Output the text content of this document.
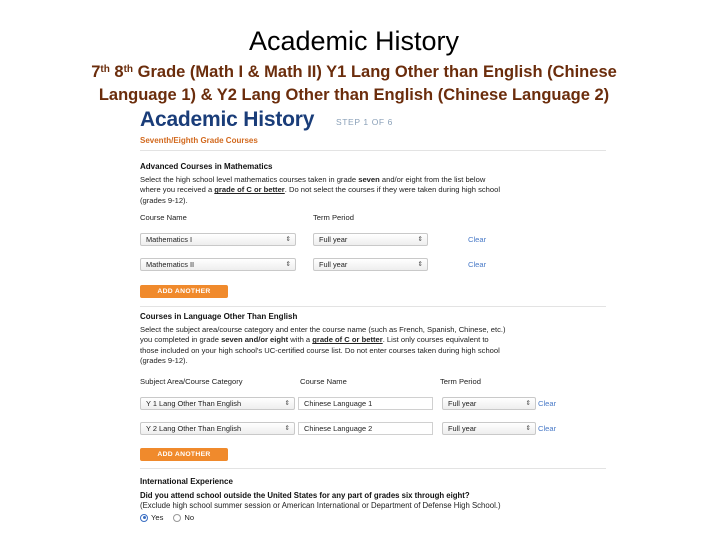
Academic History
7th 8th Grade (Math I & Math II) Y1 Lang Other than English (Chinese
Language 1) & Y2 Lang Other than English (Chinese Language 2)
Academic History	STEP 1 OF 6
Seventh/Eighth Grade Courses
Advanced Courses in Mathematics
Select the high school level mathematics courses taken in grade seven and/or eight from the list below
where you received a grade of C or better. Do not select the courses if they were taken during high school
(grades 9-12).
Course Name	Term Period
Mathematics I	⇕	Full year	⇕	Clear
Mathematics II	⇕	Full year	⇕	Clear
ADD ANOTHER
Courses in Language Other Than English
Select the subject area/course category and enter the course name (such as French, Spanish, Chinese, etc.)
you completed in grade seven and/or eight with a grade of C or better. List only courses equivalent to
those included on your high school's UC-certified course list. Do not enter courses taken during high school
(grades 9-12).
Subject Area/Course Category	Course Name	Term Period
Y 1 Lang Other Than English	⇕	Chinese Language 1	Full year	⇕ Clear
Y 2 Lang Other Than English	⇕	Chinese Language 2	Full year	⇕ Clear
ADD ANOTHER
International Experience
Did you attend school outside the United States for any part of grades six through eight?
(Exclude high school summer session or American International or Department of Defense High School.)
Yes	No
